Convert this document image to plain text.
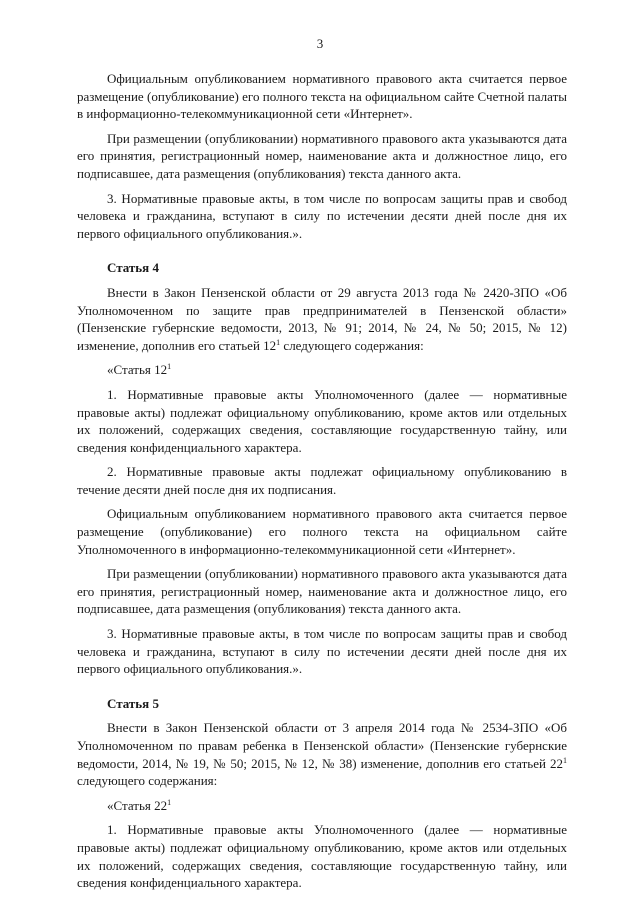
3

Официальным опубликованием нормативного правового акта считается первое размещение (опубликование) его полного текста на официальном сайте Счетной палаты в информационно-телекоммуникационной сети «Интернет».

При размещении (опубликовании) нормативного правового акта указываются дата его принятия, регистрационный номер, наименование акта и должностное лицо, его подписавшее, дата размещения (опубликования) текста данного акта.

3. Нормативные правовые акты, в том числе по вопросам защиты прав и свобод человека и гражданина, вступают в силу по истечении десяти дней после дня их первого официального опубликования.».

Статья 4

Внести в Закон Пензенской области от 29 августа 2013 года № 2420-ЗПО «Об Уполномоченном по защите прав предпринимателей в Пензенской области» (Пензенские губернские ведомости, 2013, № 91; 2014, № 24, № 50; 2015, № 12) изменение, дополнив его статьей $12^1$ следующего содержания:

«Статья $12^1$

1. Нормативные правовые акты Уполномоченного (далее — нормативные правовые акты) подлежат официальному опубликованию, кроме актов или отдельных их положений, содержащих сведения, составляющие государственную тайну, или сведения конфиденциального характера.

2. Нормативные правовые акты подлежат официальному опубликованию в течение десяти дней после дня их подписания.

Официальным опубликованием нормативного правового акта считается первое размещение (опубликование) его полного текста на официальном сайте Уполномоченного в информационно-телекоммуникационной сети «Интернет».

При размещении (опубликовании) нормативного правового акта указываются дата его принятия, регистрационный номер, наименование акта и должностное лицо, его подписавшее, дата размещения (опубликования) текста данного акта.

3. Нормативные правовые акты, в том числе по вопросам защиты прав и свобод человека и гражданина, вступают в силу по истечении десяти дней после дня их первого официального опубликования.».

Статья 5

Внести в Закон Пензенской области от 3 апреля 2014 года № 2534-ЗПО «Об Уполномоченном по правам ребенка в Пензенской области» (Пензенские губернские ведомости, 2014, № 19, № 50; 2015, № 12, № 38) изменение, дополнив его статьей $22^1$ следующего содержания:

«Статья $22^1$

1. Нормативные правовые акты Уполномоченного (далее — нормативные правовые акты) подлежат официальному опубликованию, кроме актов или отдельных их положений, содержащих сведения, составляющие государственную тайну, или сведения конфиденциального характера.
